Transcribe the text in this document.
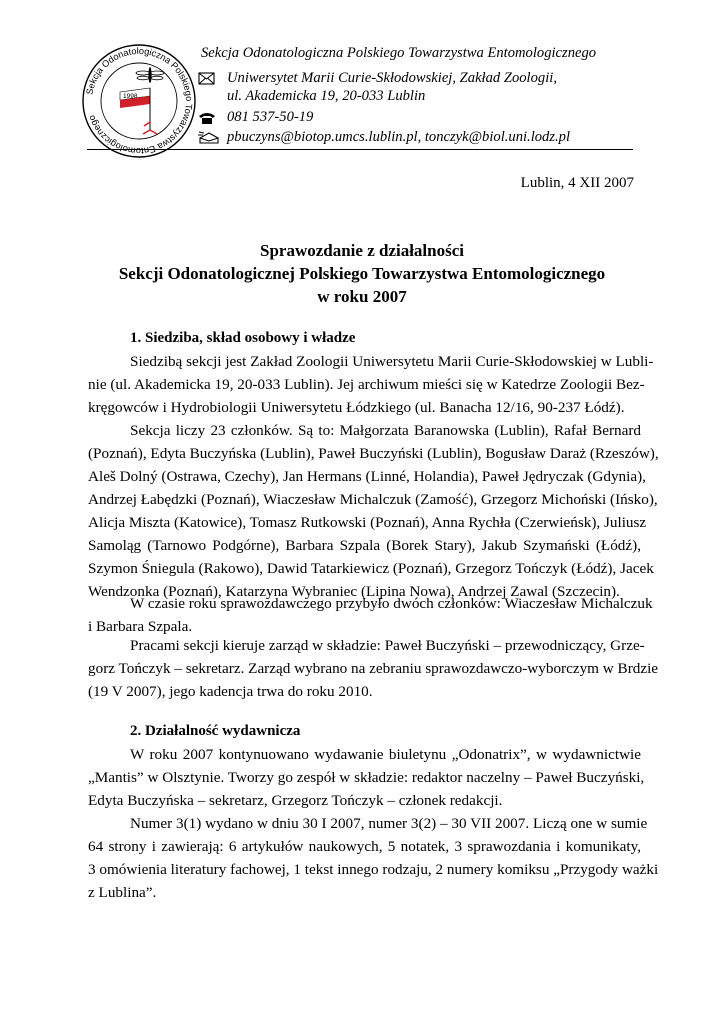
Sekcja Odonatologiczna Polskiego Towarzystwa Entomologicznego
1998
Sekcja Odonatologiczna Polskiego Towarzystwa Entomologicznego
Uniwersytet Marii Curie-Skłodowskiej, Zakład Zoologii,
ul. Akademicka 19, 20-033 Lublin
081 537-50-19
pbuczyns@biotop.umcs.lublin.pl, tonczyk@biol.uni.lodz.pl
Lublin, 4 XII 2007
Sprawozdanie z działalności
Sekcji Odonatologicznej Polskiego Towarzystwa Entomologicznego
w roku 2007
1. Siedziba, skład osobowy i władze
Siedzibą sekcji jest Zakład Zoologii Uniwersytetu Marii Curie-Skłodowskiej w Lubli-
nie (ul. Akademicka 19, 20-033 Lublin). Jej archiwum mieści się w Katedrze Zoologii Bez-
kręgowców i Hydrobiologii Uniwersytetu Łódzkiego (ul. Banacha 12/16, 90-237 Łódź).
Sekcja liczy 23 członków. Są to: Małgorzata Baranowska (Lublin), Rafał Bernard
(Poznań), Edyta Buczyńska (Lublin), Paweł Buczyński (Lublin), Bogusław Daraż (Rzeszów),
Aleš Dolný (Ostrawa, Czechy), Jan Hermans (Linné, Holandia), Paweł Jędryczak (Gdynia),
Andrzej Łabędzki (Poznań), Wiaczesław Michalczuk (Zamość), Grzegorz Michoński (Ińsko),
Alicja Miszta (Katowice), Tomasz Rutkowski (Poznań), Anna Rychła (Czerwieńsk), Juliusz
Samoląg (Tarnowo Podgórne), Barbara Szpala (Borek Stary), Jakub Szymański (Łódź),
Szymon Śniegula (Rakowo), Dawid Tatarkiewicz (Poznań), Grzegorz Tończyk (Łódź), Jacek
Wendzonka (Poznań), Katarzyna Wybraniec (Lipina Nowa), Andrzej Zawal (Szczecin).
W czasie roku sprawozdawczego przybyło dwóch członków: Wiaczesław Michalczuk
i Barbara Szpala.
Pracami sekcji kieruje zarząd w składzie: Paweł Buczyński – przewodniczący, Grze-
gorz Tończyk – sekretarz. Zarząd wybrano na zebraniu sprawozdawczo-wyborczym w Brdzie
(19 V 2007), jego kadencja trwa do roku 2010.
2. Działalność wydawnicza
W roku 2007 kontynuowano wydawanie biuletynu „Odonatrix”, w wydawnictwie
„Mantis” w Olsztynie. Tworzy go zespół w składzie: redaktor naczelny – Paweł Buczyński,
Edyta Buczyńska – sekretarz, Grzegorz Tończyk – członek redakcji.
Numer 3(1) wydano w dniu 30 I 2007, numer 3(2) – 30 VII 2007. Liczą one w sumie
64 strony i zawierają: 6 artykułów naukowych, 5 notatek, 3 sprawozdania i komunikaty,
3 omówienia literatury fachowej, 1 tekst innego rodzaju, 2 numery komiksu „Przygody ważki
z Lublina”.
